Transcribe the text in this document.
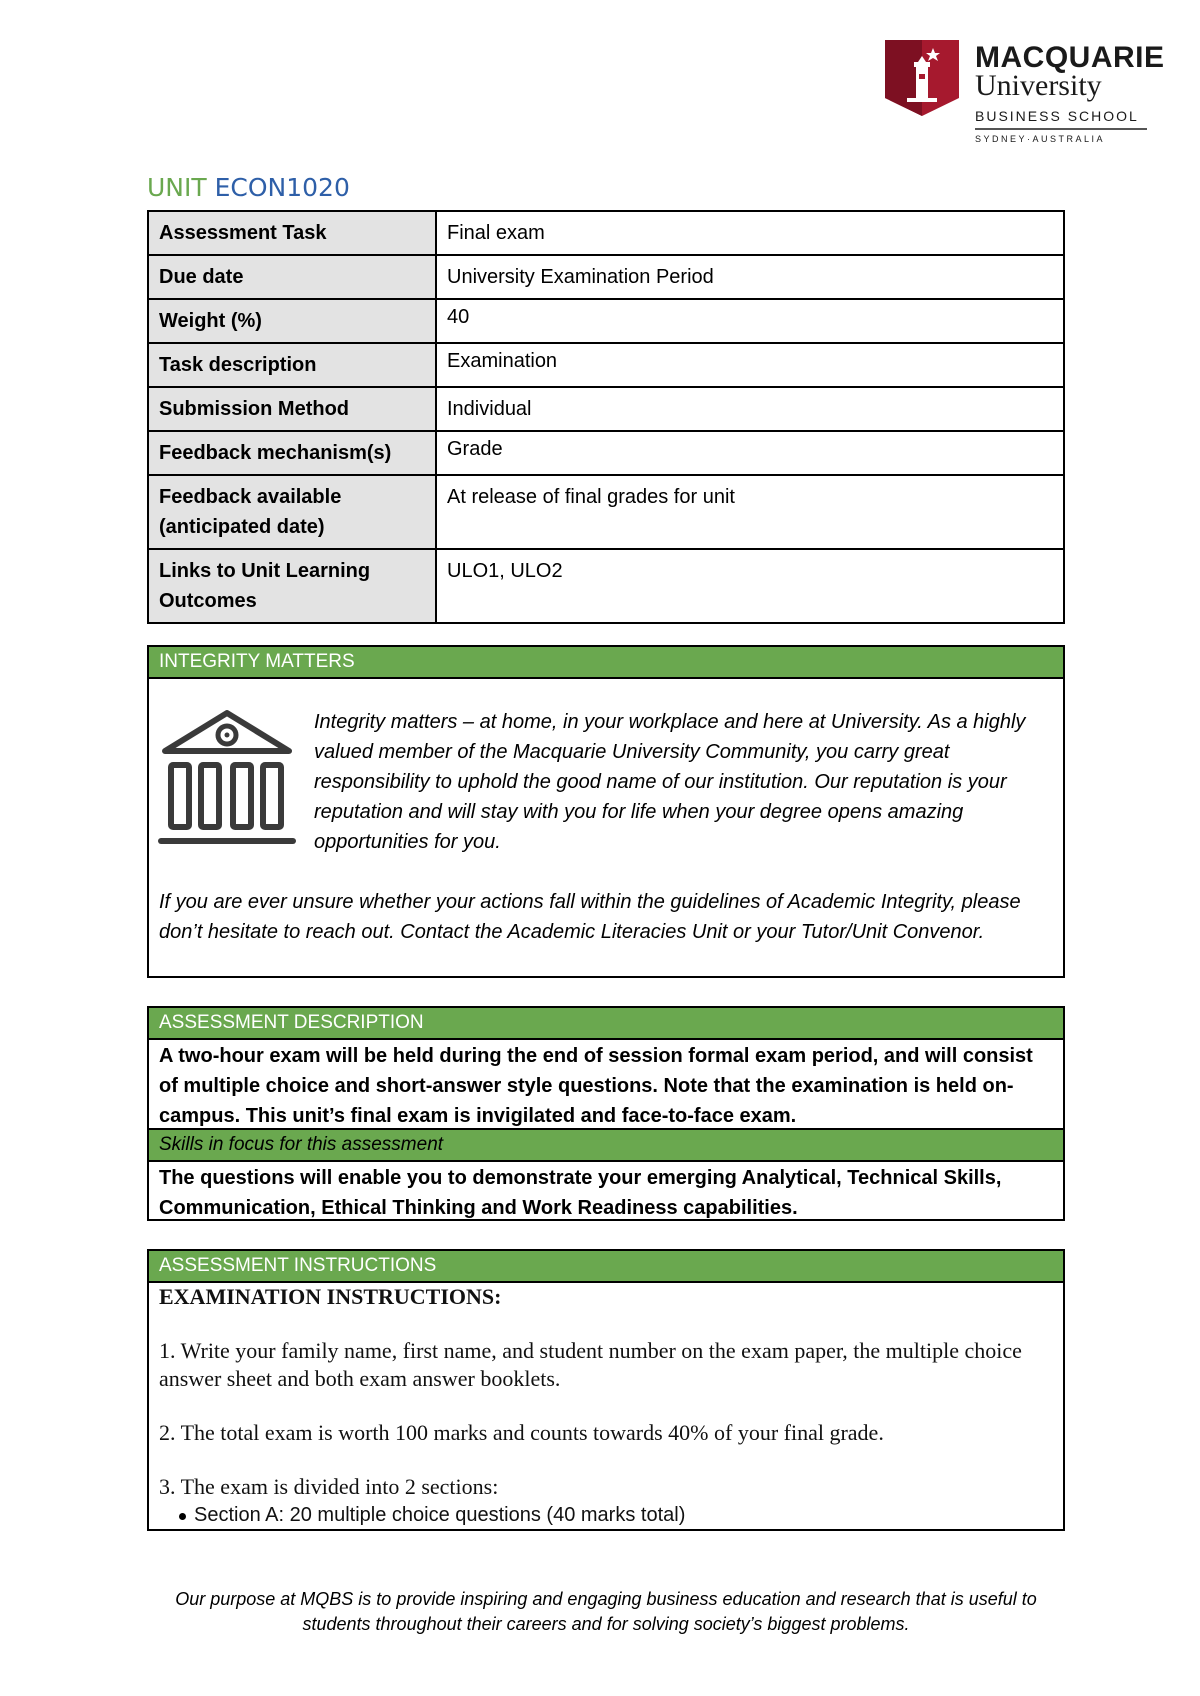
MACQUARIE
University
BUSINESS SCHOOL
SYDNEY·AUSTRALIA
UNIT ECON1020
Assessment Task	Final exam
Due date	University Examination Period
Weight (%)	40
Task description	Examination
Submission Method	Individual
Feedback mechanism(s)	Grade
Feedback available (anticipated date)	At release of final grades for unit
Links to Unit Learning Outcomes	ULO1, ULO2
INTEGRITY MATTERS
Integrity matters – at home, in your workplace and here at University. As a highly valued member of the Macquarie University Community, you carry great responsibility to uphold the good name of our institution. Our reputation is your reputation and will stay with you for life when your degree opens amazing opportunities for you.
If you are ever unsure whether your actions fall within the guidelines of Academic Integrity, please don’t hesitate to reach out. Contact the Academic Literacies Unit or your Tutor/Unit Convenor.
ASSESSMENT DESCRIPTION
A two-hour exam will be held during the end of session formal exam period, and will consist of multiple choice and short-answer style questions. Note that the examination is held on-campus. This unit’s final exam is invigilated and face-to-face exam.
Skills in focus for this assessment
The questions will enable you to demonstrate your emerging Analytical, Technical Skills, Communication, Ethical Thinking and Work Readiness capabilities.
ASSESSMENT INSTRUCTIONS
EXAMINATION INSTRUCTIONS:
1. Write your family name, first name, and student number on the exam paper, the multiple choice answer sheet and both exam answer booklets.
2. The total exam is worth 100 marks and counts towards 40% of your final grade.
3. The exam is divided into 2 sections:
Section A: 20 multiple choice questions (40 marks total)
Our purpose at MQBS is to provide inspiring and engaging business education and research that is useful to students throughout their careers and for solving society’s biggest problems.
